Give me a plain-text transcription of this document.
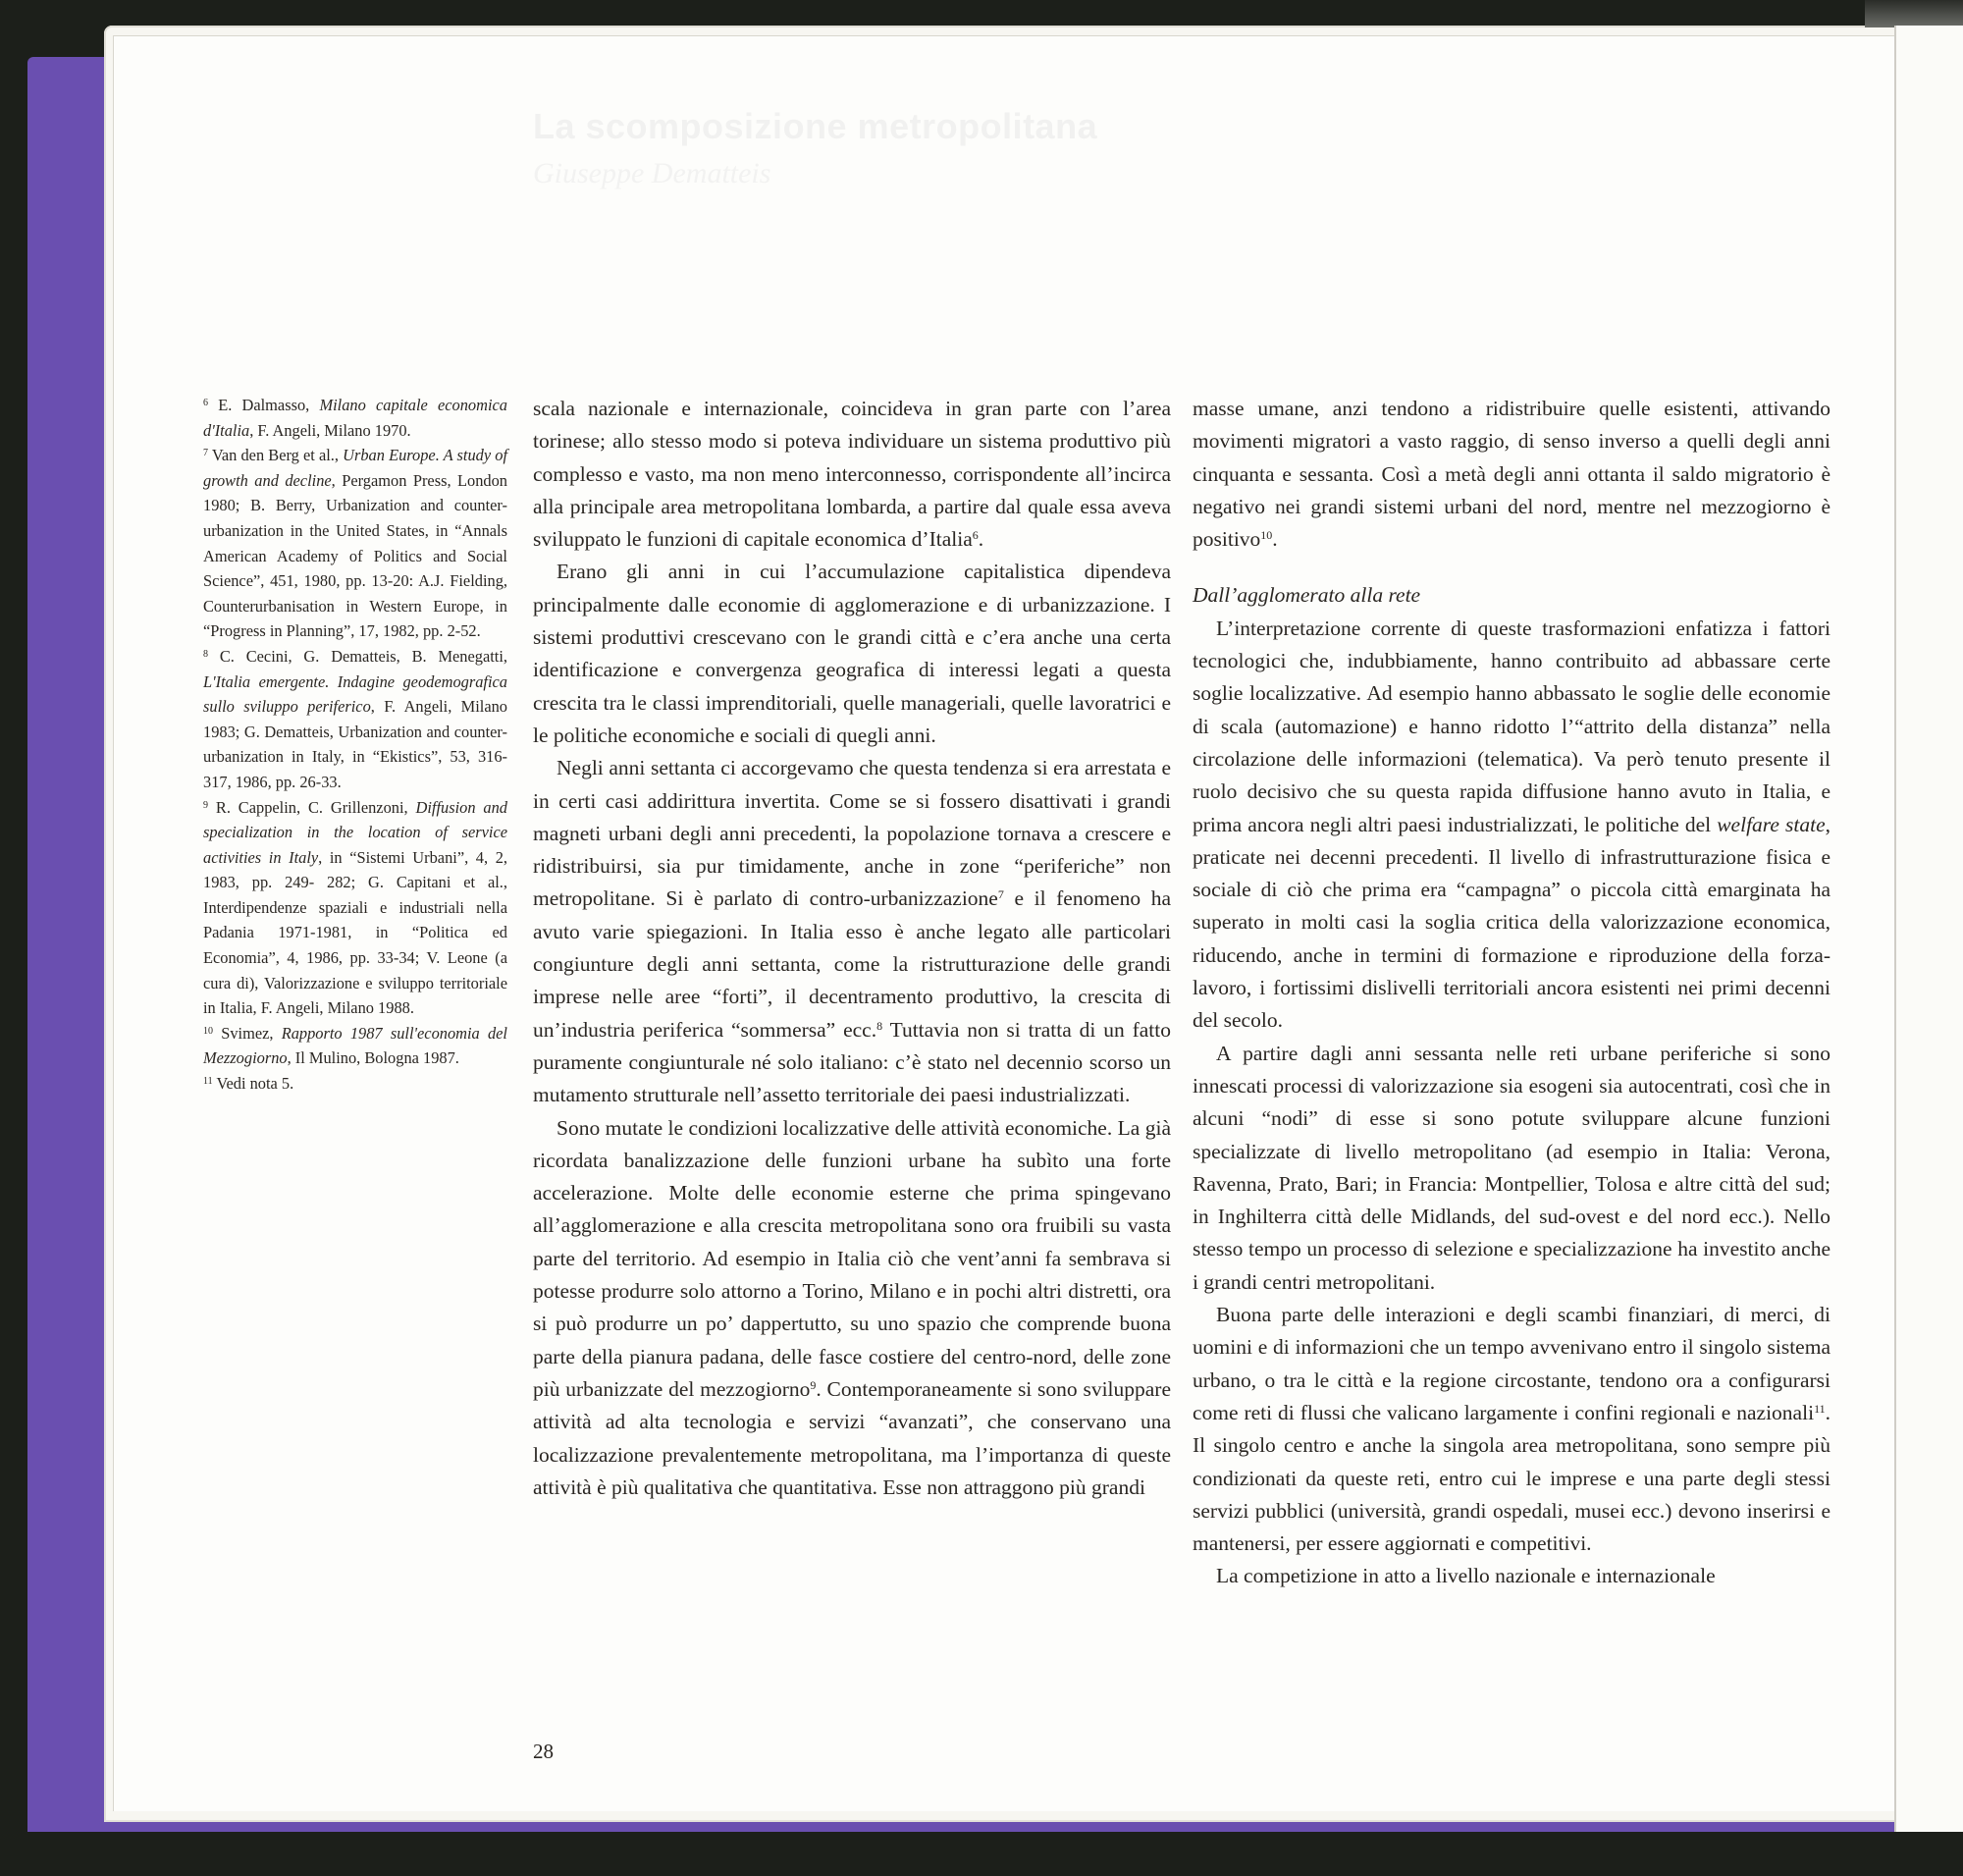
La scomposizione metropolitana
Giuseppe Dematteis

$^6$ E. Dalmasso, Milano capitale economica d'Italia, F. Angeli, Milano 1970.

$^7$ Van den Berg et al., Urban Europe. A study of growth and decline, Pergamon Press, London 1980; B. Berry, Urbanization and counter-urbanization in the United States, in “Annals American Academy of Politics and Social Science”, 451, 1980, pp. 13-20: A.J. Fielding, Counterurbanisation in Western Europe, in “Progress in Planning”, 17, 1982, pp. 2-52.

$^8$ C. Cecini, G. Dematteis, B. Menegatti, L'Italia emergente. Indagine geodemografica sullo sviluppo periferico, F. Angeli, Milano 1983; G. Dematteis, Urbanization and counter-urbanization in Italy, in “Ekistics”, 53, 316-317, 1986, pp. 26-33.

$^9$ R. Cappelin, C. Grillenzoni, Diffusion and specialization in the location of service activities in Italy, in “Sistemi Urbani”, 4, 2, 1983, pp. 249- 282; G. Capitani et al., Interdipendenze spaziali e industriali nella Padania 1971-1981, in “Politica ed Economia”, 4, 1986, pp. 33-34; V. Leone (a cura di), Valorizzazione e sviluppo territoriale in Italia, F. Angeli, Milano 1988.

$^{10}$ Svimez, Rapporto 1987 sull'economia del Mezzogiorno, Il Mulino, Bologna 1987.

$^{11}$ Vedi nota 5.

scala nazionale e internazionale, coincideva in gran parte con l’area torinese; allo stesso modo si poteva individuare un sistema produttivo più complesso e vasto, ma non meno interconnesso, corrispondente all’incirca alla principale area metropolitana lombarda, a partire dal quale essa aveva sviluppato le funzioni di capitale economica d’Italia$^6$.

Erano gli anni in cui l’accumulazione capitalistica dipendeva principalmente dalle economie di agglomerazione e di urbanizzazione. I sistemi produttivi crescevano con le grandi città e c’era anche una certa identificazione e convergenza geografica di interessi legati a questa crescita tra le classi imprenditoriali, quelle manageriali, quelle lavoratrici e le politiche economiche e sociali di quegli anni.

Negli anni settanta ci accorgevamo che questa tendenza si era arrestata e in certi casi addirittura invertita. Come se si fossero disattivati i grandi magneti urbani degli anni precedenti, la popolazione tornava a crescere e ridistribuirsi, sia pur timidamente, anche in zone “periferiche” non metropolitane. Si è parlato di contro-urbanizzazione$^7$ e il fenomeno ha avuto varie spiegazioni. In Italia esso è anche legato alle particolari congiunture degli anni settanta, come la ristrutturazione delle grandi imprese nelle aree “forti”, il decentramento produttivo, la crescita di un’industria periferica “sommersa” ecc.$^8$ Tuttavia non si tratta di un fatto puramente congiunturale né solo italiano: c’è stato nel decennio scorso un mutamento strutturale nell’assetto territoriale dei paesi industrializzati.

Sono mutate le condizioni localizzative delle attività economiche. La già ricordata banalizzazione delle funzioni urbane ha subìto una forte accelerazione. Molte delle economie esterne che prima spingevano all’agglomerazione e alla crescita metropolitana sono ora fruibili su vasta parte del territorio. Ad esempio in Italia ciò che vent’anni fa sembrava si potesse produrre solo attorno a Torino, Milano e in pochi altri distretti, ora si può produrre un po’ dappertutto, su uno spazio che comprende buona parte della pianura padana, delle fasce costiere del centro-nord, delle zone più urbanizzate del mezzogiorno$^9$. Contemporaneamente si sono sviluppare attività ad alta tecnologia e servizi “avanzati”, che conservano una localizzazione prevalentemente metropolitana, ma l’importanza di queste attività è più qualitativa che quantitativa. Esse non attraggono più grandi

masse umane, anzi tendono a ridistribuire quelle esistenti, attivando movimenti migratori a vasto raggio, di senso inverso a quelli degli anni cinquanta e sessanta. Così a metà degli anni ottanta il saldo migratorio è negativo nei grandi sistemi urbani del nord, mentre nel mezzogiorno è positivo$^{10}$.

Dall’agglomerato alla rete

L’interpretazione corrente di queste trasformazioni enfatizza i fattori tecnologici che, indubbiamente, hanno contribuito ad abbassare certe soglie localizzative. Ad esempio hanno abbassato le soglie delle economie di scala (automazione) e hanno ridotto l’“attrito della distanza” nella circolazione delle informazioni (telematica). Va però tenuto presente il ruolo decisivo che su questa rapida diffusione hanno avuto in Italia, e prima ancora negli altri paesi industrializzati, le politiche del welfare state, praticate nei decenni precedenti. Il livello di infrastrutturazione fisica e sociale di ciò che prima era “campagna” o piccola città emarginata ha superato in molti casi la soglia critica della valorizzazione economica, riducendo, anche in termini di formazione e riproduzione della forza-lavoro, i fortissimi dislivelli territoriali ancora esistenti nei primi decenni del secolo.

A partire dagli anni sessanta nelle reti urbane periferiche si sono innescati processi di valorizzazione sia esogeni sia autocentrati, così che in alcuni “nodi” di esse si sono potute sviluppare alcune funzioni specializzate di livello metropolitano (ad esempio in Italia: Verona, Ravenna, Prato, Bari; in Francia: Montpellier, Tolosa e altre città del sud; in Inghilterra città delle Midlands, del sud-ovest e del nord ecc.). Nello stesso tempo un processo di selezione e specializzazione ha investito anche i grandi centri metropolitani.

Buona parte delle interazioni e degli scambi finanziari, di merci, di uomini e di informazioni che un tempo avvenivano entro il singolo sistema urbano, o tra le città e la regione circostante, tendono ora a configurarsi come reti di flussi che valicano largamente i confini regionali e nazionali$^{11}$. Il singolo centro e anche la singola area metropolitana, sono sempre più condizionati da queste reti, entro cui le imprese e una parte degli stessi servizi pubblici (università, grandi ospedali, musei ecc.) devono inserirsi e mantenersi, per essere aggiornati e competitivi.

La competizione in atto a livello nazionale e internazionale

28
